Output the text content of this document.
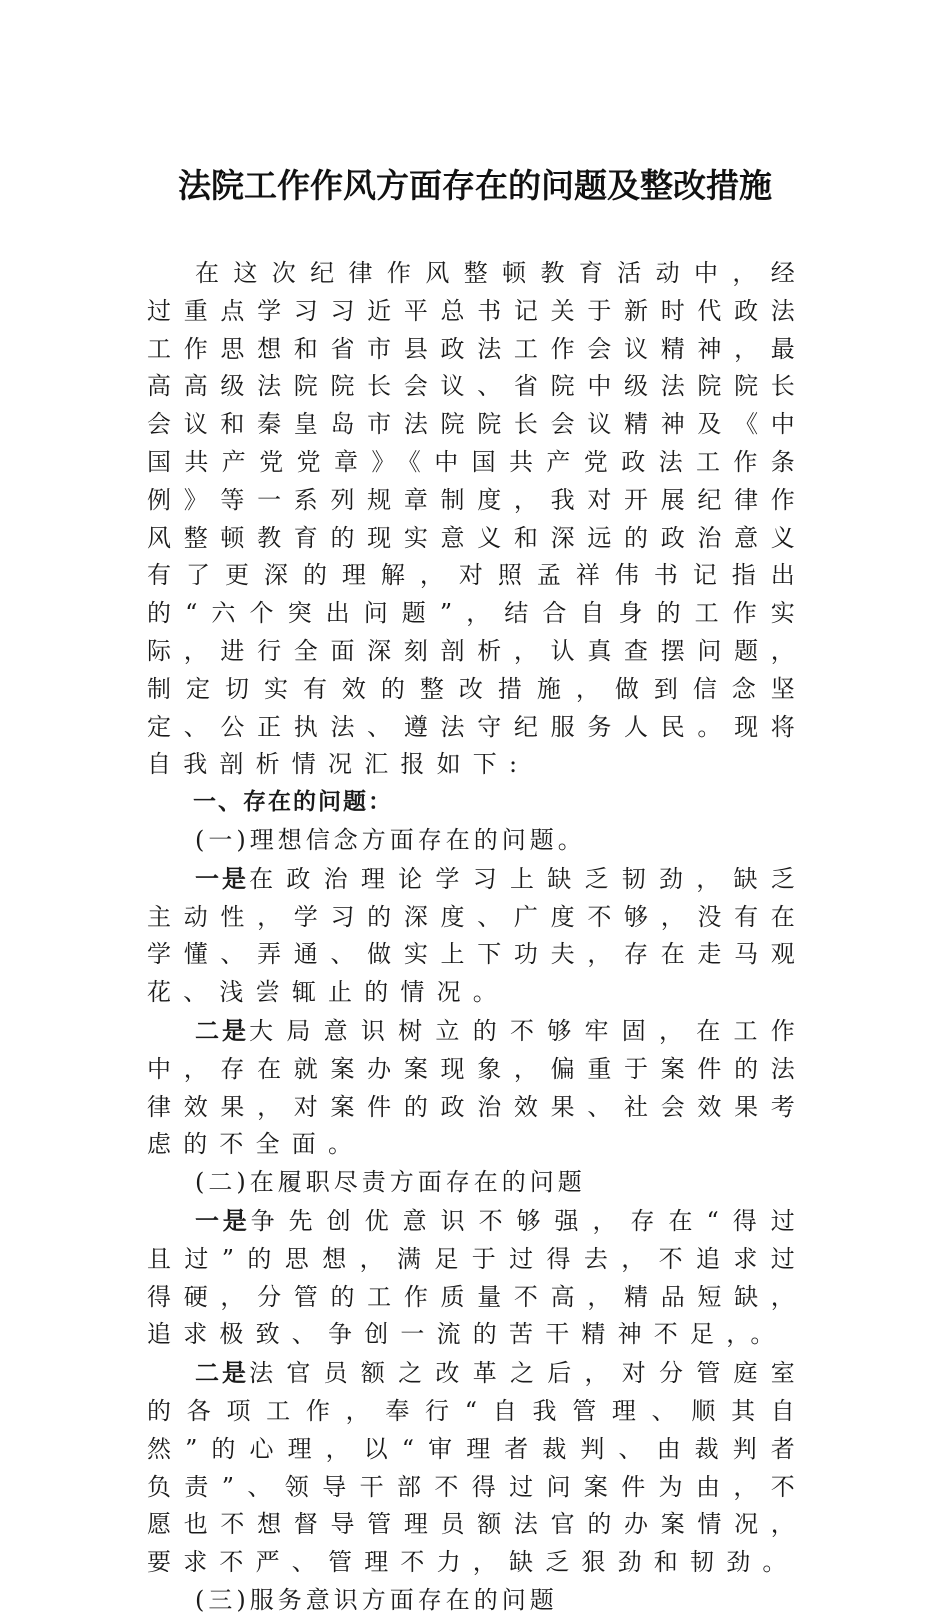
法院工作作风方面存在的问题及整改措施

在这次纪律作风整顿教育活动中，经过重点学习习近平总书记关于新时代政法工作思想和省市县政法工作会议精神，最高高级法院院长会议、省院中级法院院长会议和秦皇岛市法院院长会议精神及《中国共产党党章》《中国共产党政法工作条例》等一系列规章制度，我对开展纪律作风整顿教育的现实意义和深远的政治意义有了更深的理解，对照孟祥伟书记指出的“六个突出问题”，结合自身的工作实际，进行全面深刻剖析，认真查摆问题，制定切实有效的整改措施，做到信念坚定、公正执法、遵法守纪服务人民。现将自我剖析情况汇报如下:

一、存在的问题：

(一)理想信念方面存在的问题。

一是在政治理论学习上缺乏韧劲，缺乏主动性，学习的深度、广度不够，没有在学懂、弄通、做实上下功夫，存在走马观花、浅尝辄止的情况。

二是大局意识树立的不够牢固，在工作中，存在就案办案现象，偏重于案件的法律效果，对案件的政治效果、社会效果考虑的不全面。

(二)在履职尽责方面存在的问题

一是争先创优意识不够强，存在“得过且过”的思想，满足于过得去，不追求过得硬，分管的工作质量不高，精品短缺，追求极致、争创一流的苦干精神不足，。

二是法官员额之改革之后，对分管庭室的各项工作，奉行“自我管理、顺其自然”的心理，以“审理者裁判、由裁判者负责”、领导干部不得过问案件为由，不愿也不想督导管理员额法官的办案情况，要求不严、管理不力，缺乏狠劲和韧劲。

(三)服务意识方面存在的问题
